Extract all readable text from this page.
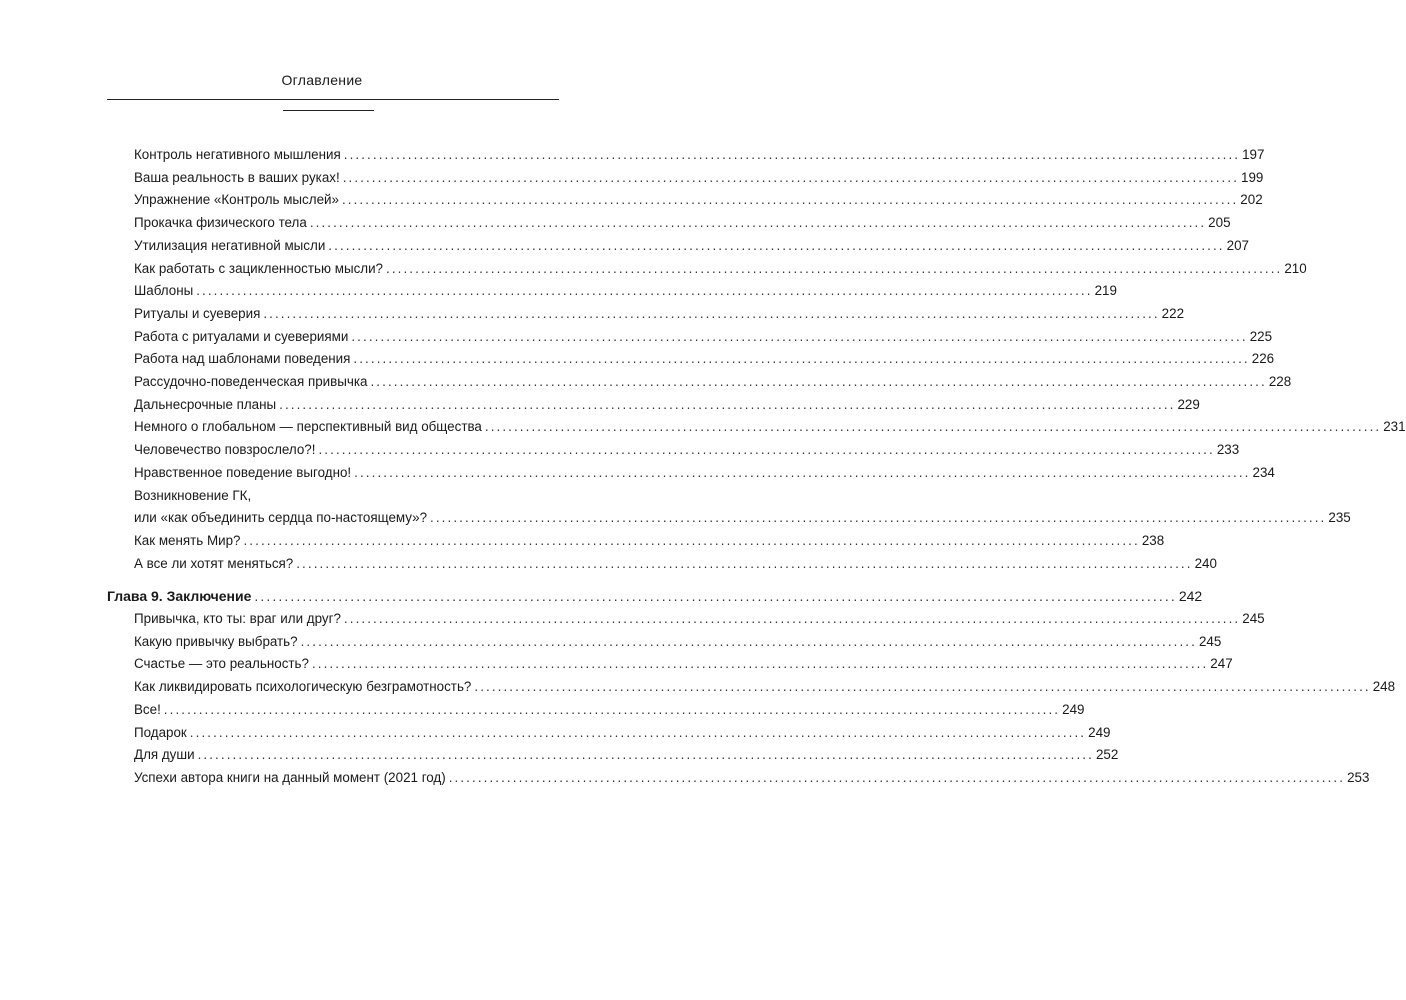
Оглавление
Контроль негативного мышления .......................................................................................................................................................... 197
Ваша реальность в ваших руках! .......................................................................................................................................................... 199
Упражнение «Контроль мыслей» .......................................................................................................................................................... 202
Прокачка физического тела .......................................................................................................................................................... 205
Утилизация негативной мысли .......................................................................................................................................................... 207
Как работать с зацикленностью мысли? .......................................................................................................................................................... 210
Шаблоны .......................................................................................................................................................... 219
Ритуалы и суеверия .......................................................................................................................................................... 222
Работа с ритуалами и суевериями .......................................................................................................................................................... 225
Работа над шаблонами поведения .......................................................................................................................................................... 226
Рассудочно-поведенческая привычка .......................................................................................................................................................... 228
Дальнесрочные планы .......................................................................................................................................................... 229
Немного о глобальном — перспективный вид общества .......................................................................................................................................................... 231
Человечество повзрослело?! .......................................................................................................................................................... 233
Нравственное поведение выгодно! .......................................................................................................................................................... 234
Возникновение ГК,
или «как объединить сердца по-настоящему»? .......................................................................................................................................................... 235
Как менять Мир? .......................................................................................................................................................... 238
А все ли хотят меняться? .......................................................................................................................................................... 240
Глава 9. Заключение .......................................................................................................................................................... 242
Привычка, кто ты: враг или друг? .......................................................................................................................................................... 245
Какую привычку выбрать? .......................................................................................................................................................... 245
Счастье — это реальность? .......................................................................................................................................................... 247
Как ликвидировать психологическую безграмотность? .......................................................................................................................................................... 248
Все! .......................................................................................................................................................... 249
Подарок .......................................................................................................................................................... 249
Для души .......................................................................................................................................................... 252
Успехи автора книги на данный момент (2021 год) .......................................................................................................................................................... 253
